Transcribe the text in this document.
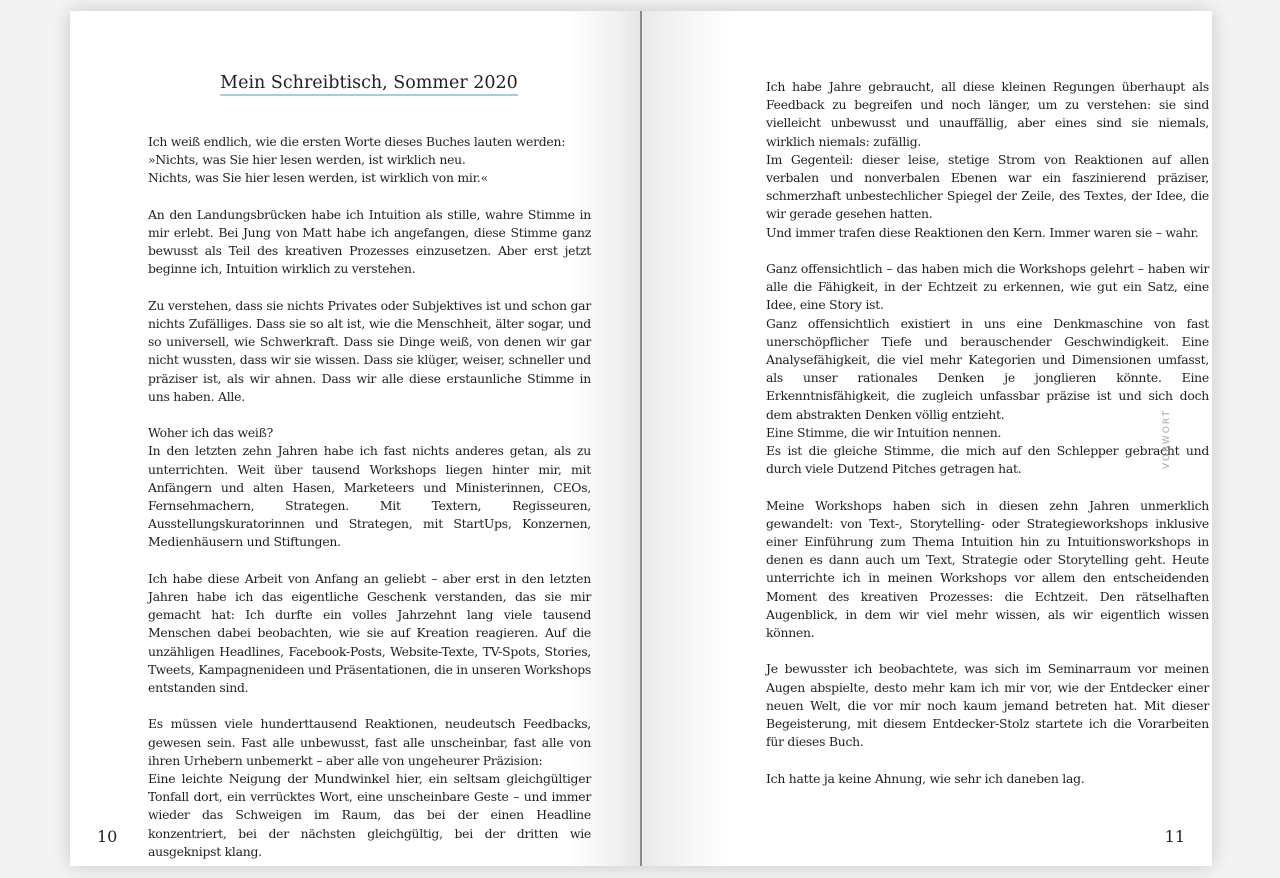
Mein Schreibtisch, Sommer 2020

Ich weiß endlich, wie die ersten Worte dieses Buches lauten werden:
»Nichts, was Sie hier lesen werden, ist wirklich neu.
Nichts, was Sie hier lesen werden, ist wirklich von mir.«

An den Landungsbrücken habe ich Intuition als stille, wahre Stimme in mir erlebt. Bei Jung von Matt habe ich angefangen, diese Stimme ganz bewusst als Teil des kreativen Prozesses einzusetzen. Aber erst jetzt beginne ich, Intuition wirklich zu verstehen.

Zu verstehen, dass sie nichts Privates oder Subjektives ist und schon gar nichts Zufälliges. Dass sie so alt ist, wie die Menschheit, älter sogar, und so universell, wie Schwerkraft. Dass sie Dinge weiß, von denen wir gar nicht wussten, dass wir sie wissen. Dass sie klüger, weiser, schneller und präziser ist, als wir ahnen. Dass wir alle diese erstaunliche Stimme in uns haben. Alle.

Woher ich das weiß?
In den letzten zehn Jahren habe ich fast nichts anderes getan, als zu unterrichten. Weit über tausend Workshops liegen hinter mir, mit Anfängern und alten Hasen, Marketeers und Ministerinnen, CEOs, Fernsehmachern, Strategen. Mit Textern, Regisseuren, Ausstellungskuratorinnen und Strategen, mit StartUps, Konzernen, Medienhäusern und Stiftungen.

Ich habe diese Arbeit von Anfang an geliebt – aber erst in den letzten Jahren habe ich das eigentliche Geschenk verstanden, das sie mir gemacht hat: Ich durfte ein volles Jahrzehnt lang viele tausend Menschen dabei beobachten, wie sie auf Kreation reagieren. Auf die unzähligen Headlines, Facebook-Posts, Website-Texte, TV-Spots, Stories, Tweets, Kampagnenideen und Präsentationen, die in unseren Workshops entstanden sind.

Es müssen viele hunderttausend Reaktionen, neudeutsch Feedbacks, gewesen sein. Fast alle unbewusst, fast alle unscheinbar, fast alle von ihren Urhebern unbemerkt – aber alle von ungeheurer Präzision:
Eine leichte Neigung der Mundwinkel hier, ein seltsam gleichgültiger Tonfall dort, ein verrücktes Wort, eine unscheinbare Geste – und immer wieder das Schweigen im Raum, das bei der einen Headline konzentriert, bei der nächsten gleichgültig, bei der dritten wie ausgeknipst klang.

10

Ich habe Jahre gebraucht, all diese kleinen Regungen überhaupt als Feedback zu begreifen und noch länger, um zu verstehen: sie sind vielleicht unbewusst und unauffällig, aber eines sind sie niemals, wirklich niemals: zufällig.
Im Gegenteil: dieser leise, stetige Strom von Reaktionen auf allen verbalen und nonverbalen Ebenen war ein faszinierend präziser, schmerzhaft unbestechlicher Spiegel der Zeile, des Textes, der Idee, die wir gerade gesehen hatten.
Und immer trafen diese Reaktionen den Kern. Immer waren sie – wahr.

Ganz offensichtlich – das haben mich die Workshops gelehrt – haben wir alle die Fähigkeit, in der Echtzeit zu erkennen, wie gut ein Satz, eine Idee, eine Story ist.
Ganz offensichtlich existiert in uns eine Denkmaschine von fast unerschöpflicher Tiefe und berauschender Geschwindigkeit. Eine Analysefähigkeit, die viel mehr Kategorien und Dimensionen umfasst, als unser rationales Denken je jonglieren könnte. Eine Erkenntnisfähigkeit, die zugleich unfassbar präzise ist und sich doch dem abstrakten Denken völlig entzieht.
Eine Stimme, die wir Intuition nennen.
Es ist die gleiche Stimme, die mich auf den Schlepper gebracht und durch viele Dutzend Pitches getragen hat.

Meine Workshops haben sich in diesen zehn Jahren unmerklich gewandelt: von Text-, Storytelling- oder Strategieworkshops inklusive einer Einführung zum Thema Intuition hin zu Intuitionsworkshops in denen es dann auch um Text, Strategie oder Storytelling geht. Heute unterrichte ich in meinen Workshops vor allem den entscheidenden Moment des kreativen Prozesses: die Echtzeit. Den rätselhaften Augenblick, in dem wir viel mehr wissen, als wir eigentlich wissen können.

Je bewusster ich beobachtete, was sich im Seminarraum vor meinen Augen abspielte, desto mehr kam ich mir vor, wie der Entdecker einer neuen Welt, die vor mir noch kaum jemand betreten hat. Mit dieser Begeisterung, mit diesem Entdecker-Stolz startete ich die Vorarbeiten für dieses Buch.

Ich hatte ja keine Ahnung, wie sehr ich daneben lag.

VORWORT
11
